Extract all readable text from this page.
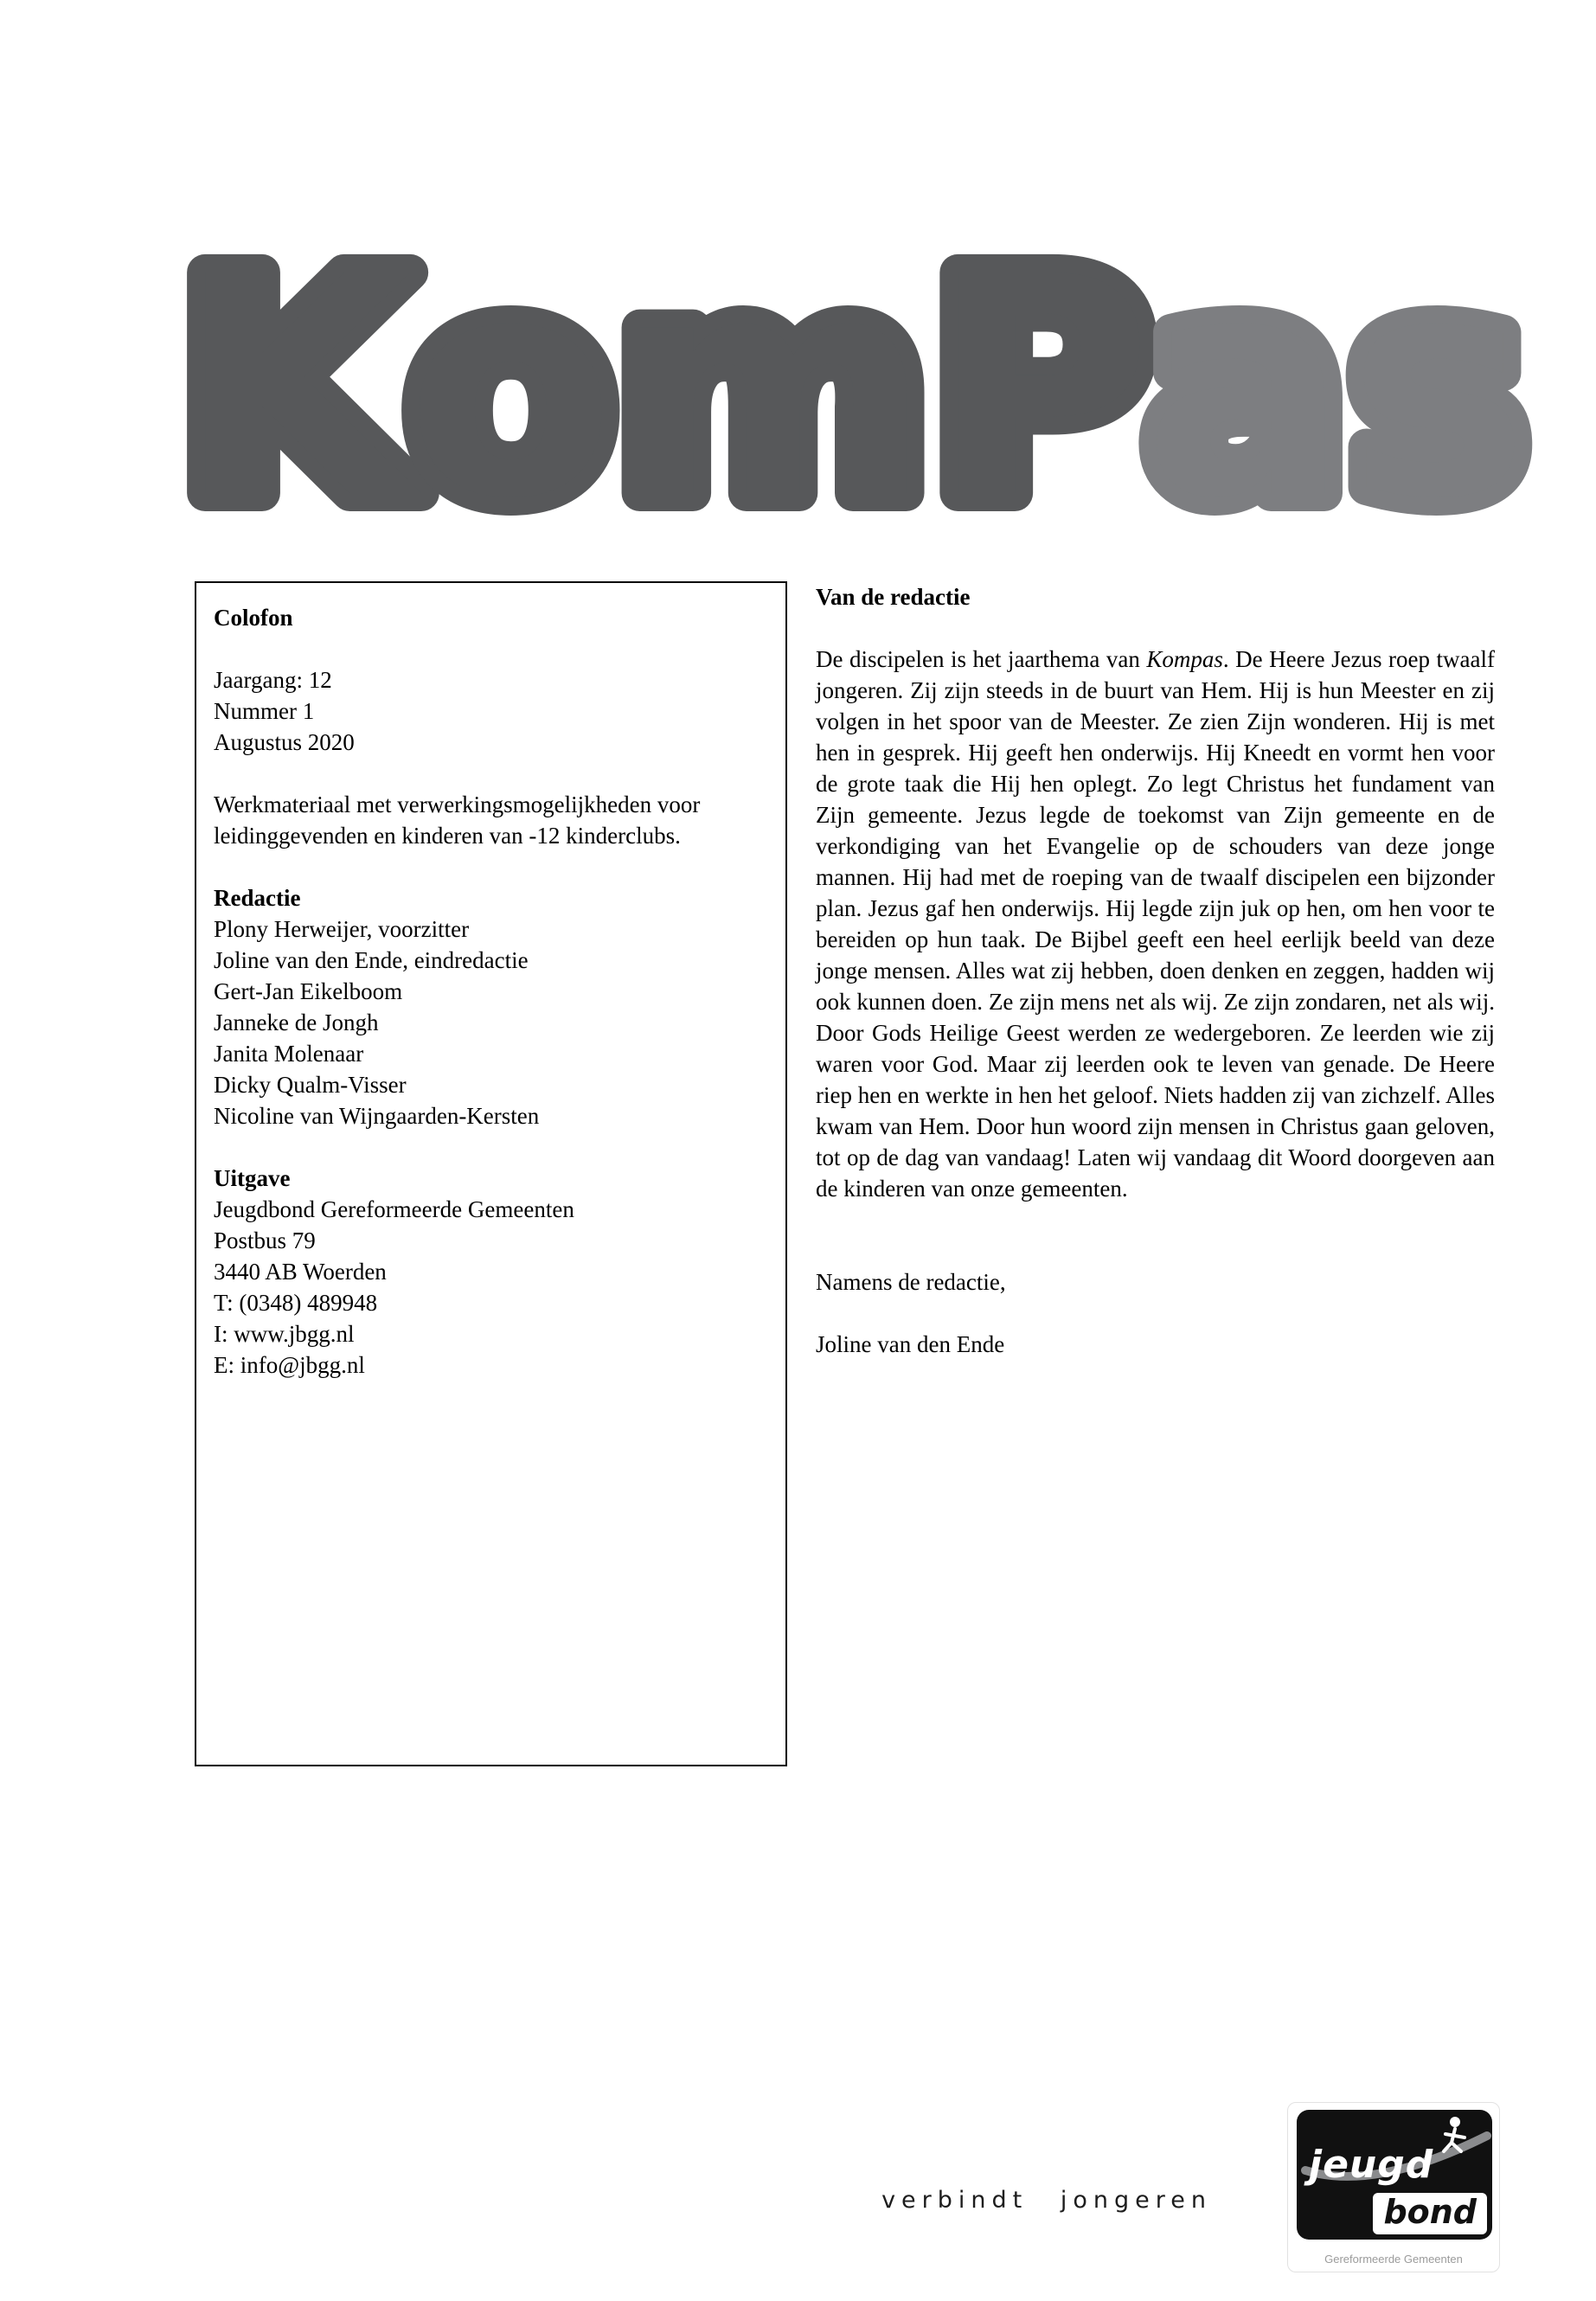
KomPas
Colofon
Jaargang: 12
Nummer 1
Augustus 2020

Werkmateriaal met verwerkingsmogelijkheden voor leidinggevenden en kinderen van -12 kinderclubs.

Redactie
Plony Herweijer, voorzitter
Joline van den Ende, eindredactie
Gert-Jan Eikelboom
Janneke de Jongh
Janita Molenaar
Dicky Qualm-Visser
Nicoline van Wijngaarden-Kersten
Uitgave
Jeugdbond Gereformeerde Gemeenten
Postbus 79
3440 AB Woerden
T: (0348) 489948
I: www.jbgg.nl
E: info@jbgg.nl
Van de redactie

De discipelen is het jaarthema van Kompas. De Heere Jezus roep twaalf jongeren. Zij zijn steeds in de buurt van Hem. Hij is hun Meester en zij volgen in het spoor van de Meester. Ze zien Zijn wonderen. Hij is met hen in gesprek. Hij geeft hen onderwijs. Hij Kneedt en vormt hen voor de grote taak die Hij hen oplegt. Zo legt Christus het fundament van Zijn gemeente. Jezus legde de toekomst van Zijn gemeente en de verkondiging van het Evangelie op de schouders van deze jonge mannen. Hij had met de roeping van de twaalf discipelen een bijzonder plan. Jezus gaf hen onderwijs. Hij legde zijn juk op hen, om hen voor te bereiden op hun taak. De Bijbel geeft een heel eerlijk beeld van deze jonge mensen. Alles wat zij hebben, doen denken en zeggen, hadden wij ook kunnen doen. Ze zijn mens net als wij. Ze zijn zondaren, net als wij. Door Gods Heilige Geest werden ze wedergeboren. Ze leerden wie zij waren voor God. Maar zij leerden ook te leven van genade. De Heere riep hen en werkte in hen het geloof. Niets hadden zij van zichzelf. Alles kwam van Hem. Door hun woord zijn mensen in Christus gaan geloven, tot op de dag van vandaag! Laten wij vandaag dit Woord doorgeven aan de kinderen van onze gemeenten.

Namens de redactie,

Joline van den Ende

verbindt jongeren
jeugd
bond
Gereformeerde Gemeenten
